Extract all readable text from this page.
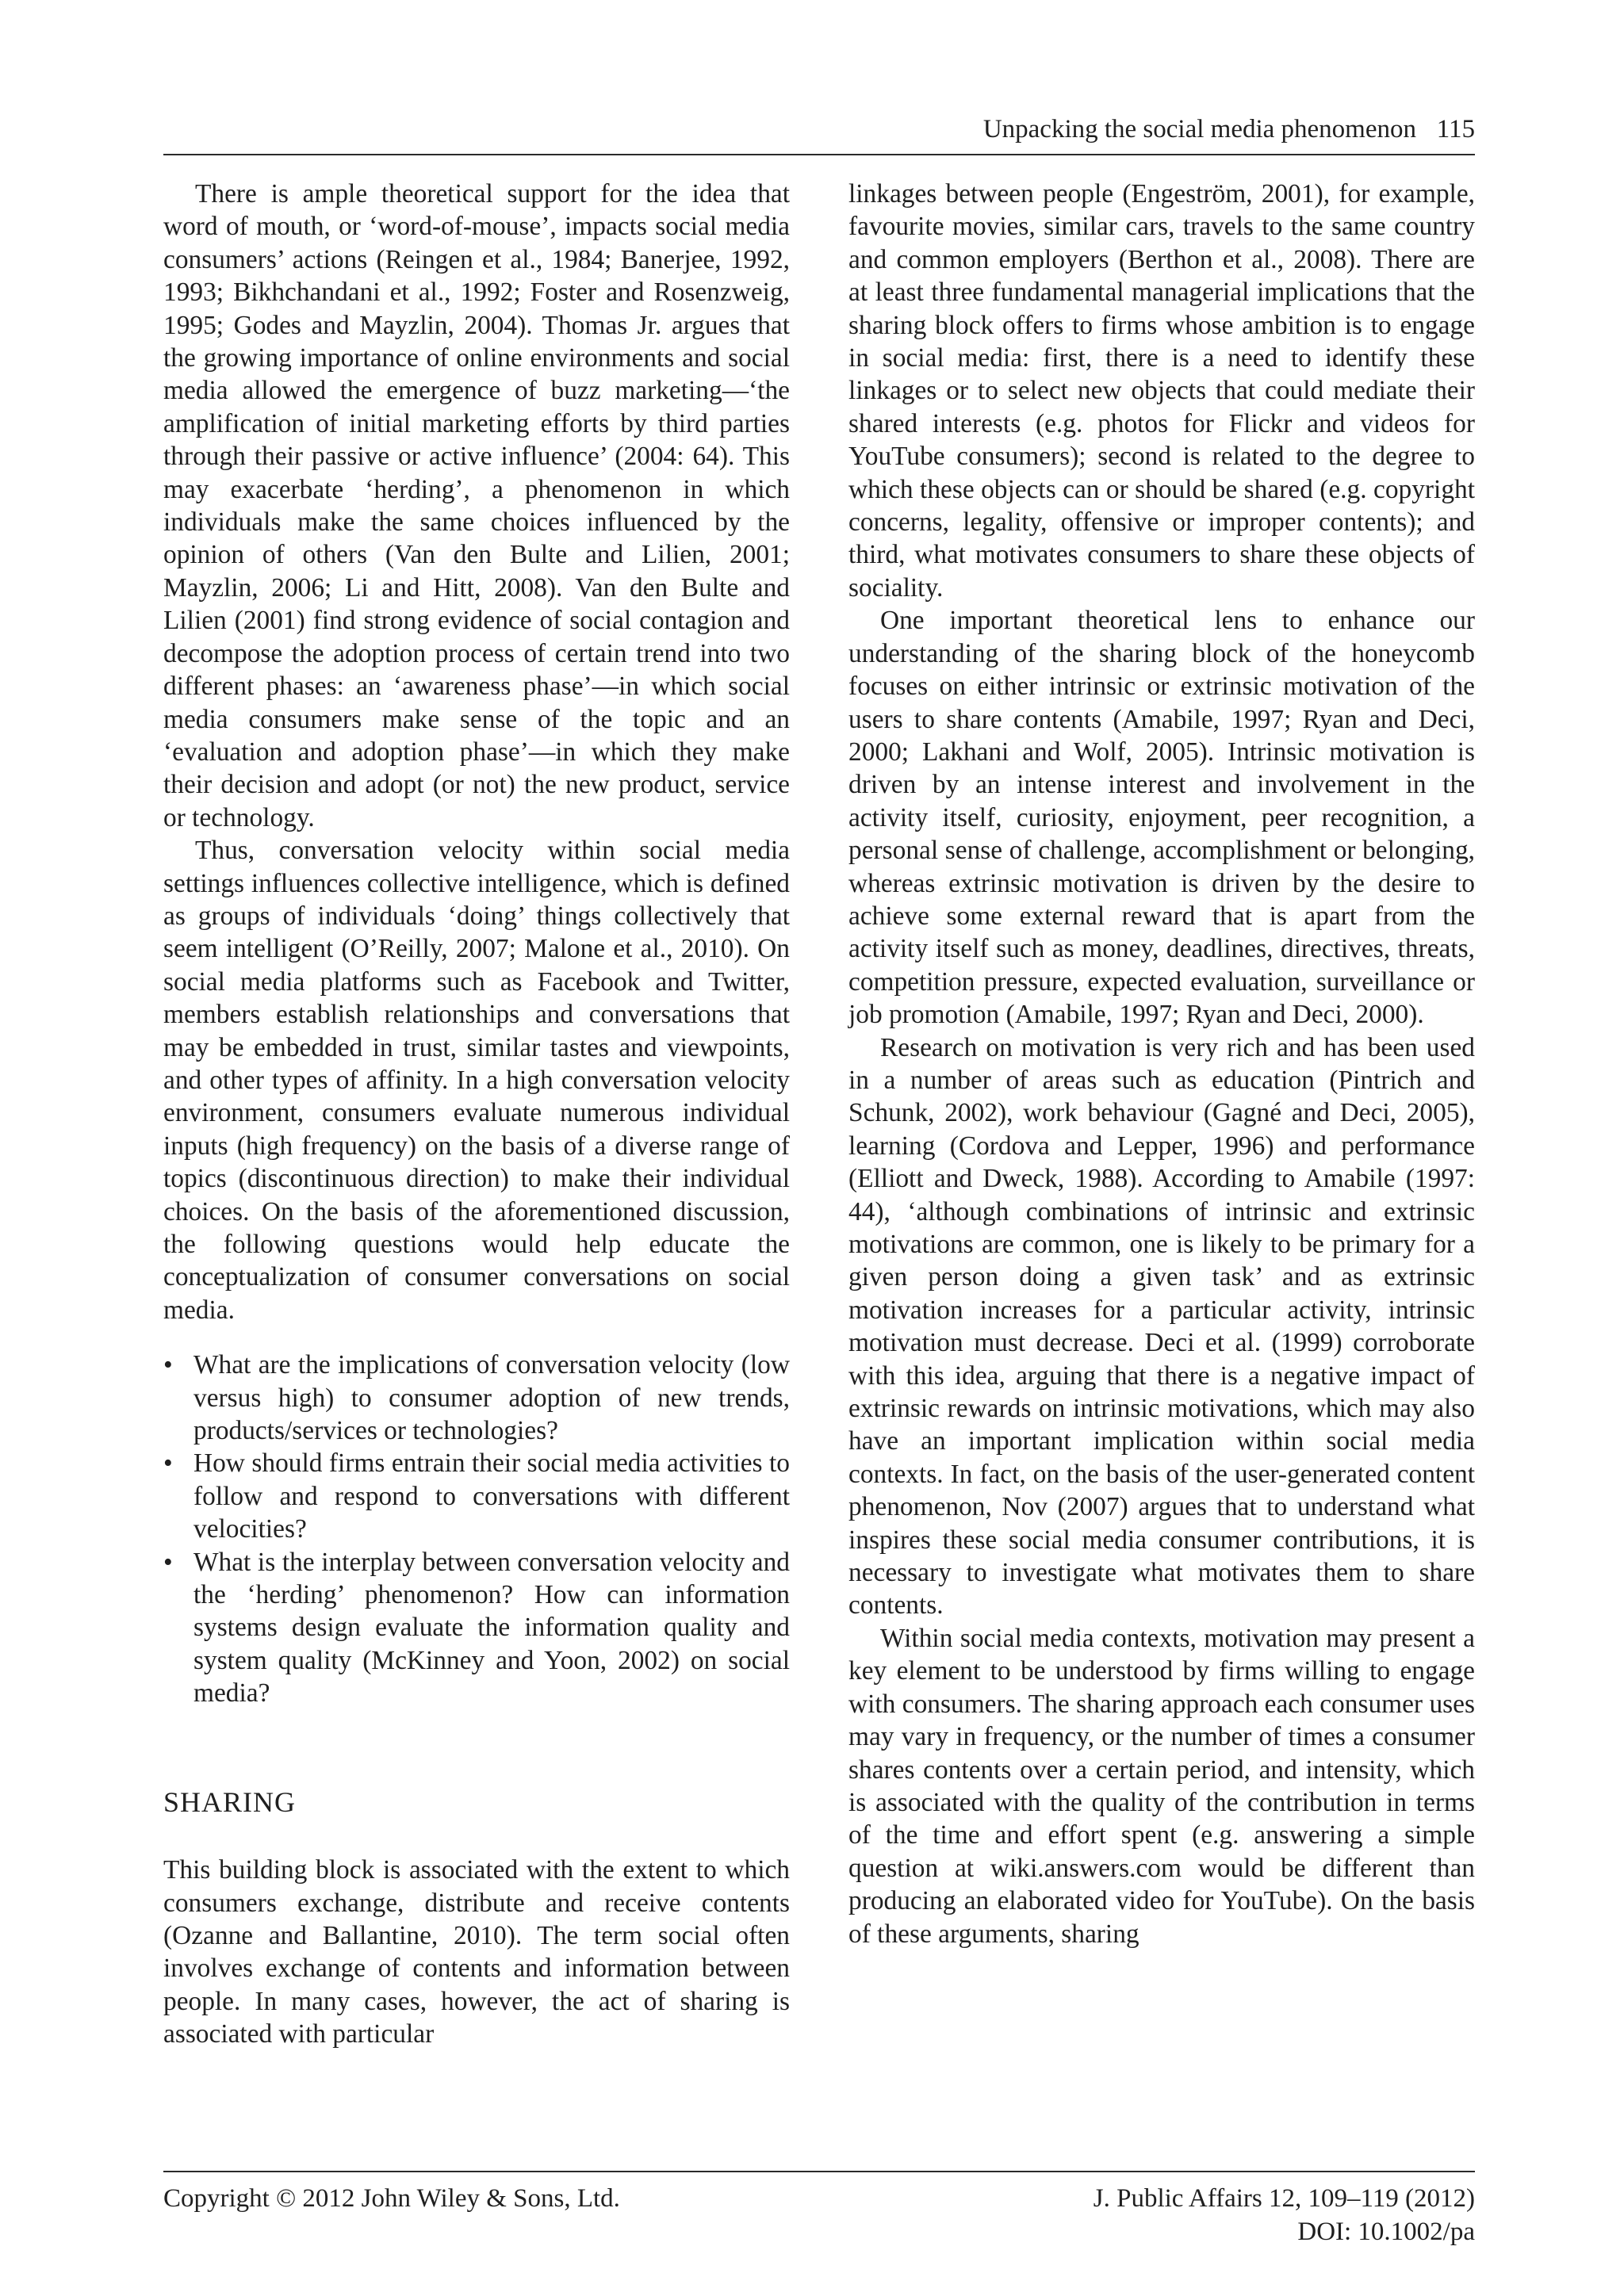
Unpacking the social media phenomenon 115

There is ample theoretical support for the idea that word of mouth, or ‘word-of-mouse’, impacts social media consumers’ actions (Reingen et al., 1984; Banerjee, 1992, 1993; Bikhchandani et al., 1992; Foster and Rosenzweig, 1995; Godes and Mayzlin, 2004). Thomas Jr. argues that the growing importance of online environments and social media allowed the emergence of buzz marketing—‘the amplification of initial marketing efforts by third parties through their passive or active influence’ (2004: 64). This may exacerbate ‘herding’, a phenomenon in which individuals make the same choices influenced by the opinion of others (Van den Bulte and Lilien, 2001; Mayzlin, 2006; Li and Hitt, 2008). Van den Bulte and Lilien (2001) find strong evidence of social contagion and decompose the adoption process of certain trend into two different phases: an ‘awareness phase’—in which social media consumers make sense of the topic and an ‘evaluation and adoption phase’—in which they make their decision and adopt (or not) the new product, service or technology.

Thus, conversation velocity within social media settings influences collective intelligence, which is defined as groups of individuals ‘doing’ things collectively that seem intelligent (O’Reilly, 2007; Malone et al., 2010). On social media platforms such as Facebook and Twitter, members establish relationships and conversations that may be embedded in trust, similar tastes and viewpoints, and other types of affinity. In a high conversation velocity environment, consumers evaluate numerous individual inputs (high frequency) on the basis of a diverse range of topics (discontinuous direction) to make their individual choices. On the basis of the aforementioned discussion, the following questions would help educate the conceptualization of consumer conversations on social media.

• What are the implications of conversation velocity (low versus high) to consumer adoption of new trends, products/services or technologies?
• How should firms entrain their social media activities to follow and respond to conversations with different velocities?
• What is the interplay between conversation velocity and the ‘herding’ phenomenon? How can information systems design evaluate the information quality and system quality (McKinney and Yoon, 2002) on social media?
SHARING

This building block is associated with the extent to which consumers exchange, distribute and receive contents (Ozanne and Ballantine, 2010). The term social often involves exchange of contents and information between people. In many cases, however, the act of sharing is associated with particular

linkages between people (Engeström, 2001), for example, favourite movies, similar cars, travels to the same country and common employers (Berthon et al., 2008). There are at least three fundamental managerial implications that the sharing block offers to firms whose ambition is to engage in social media: first, there is a need to identify these linkages or to select new objects that could mediate their shared interests (e.g. photos for Flickr and videos for YouTube consumers); second is related to the degree to which these objects can or should be shared (e.g. copyright concerns, legality, offensive or improper contents); and third, what motivates consumers to share these objects of sociality.

One important theoretical lens to enhance our understanding of the sharing block of the honeycomb focuses on either intrinsic or extrinsic motivation of the users to share contents (Amabile, 1997; Ryan and Deci, 2000; Lakhani and Wolf, 2005). Intrinsic motivation is driven by an intense interest and involvement in the activity itself, curiosity, enjoyment, peer recognition, a personal sense of challenge, accomplishment or belonging, whereas extrinsic motivation is driven by the desire to achieve some external reward that is apart from the activity itself such as money, deadlines, directives, threats, competition pressure, expected evaluation, surveillance or job promotion (Amabile, 1997; Ryan and Deci, 2000).

Research on motivation is very rich and has been used in a number of areas such as education (Pintrich and Schunk, 2002), work behaviour (Gagné and Deci, 2005), learning (Cordova and Lepper, 1996) and performance (Elliott and Dweck, 1988). According to Amabile (1997: 44), ‘although combinations of intrinsic and extrinsic motivations are common, one is likely to be primary for a given person doing a given task’ and as extrinsic motivation increases for a particular activity, intrinsic motivation must decrease. Deci et al. (1999) corroborate with this idea, arguing that there is a negative impact of extrinsic rewards on intrinsic motivations, which may also have an important implication within social media contexts. In fact, on the basis of the user-generated content phenomenon, Nov (2007) argues that to understand what inspires these social media consumer contributions, it is necessary to investigate what motivates them to share contents.

Within social media contexts, motivation may present a key element to be understood by firms willing to engage with consumers. The sharing approach each consumer uses may vary in frequency, or the number of times a consumer shares contents over a certain period, and intensity, which is associated with the quality of the contribution in terms of the time and effort spent (e.g. answering a simple question at wiki.answers.com would be different than producing an elaborated video for YouTube). On the basis of these arguments, sharing

Copyright © 2012 John Wiley & Sons, Ltd.	J. Public Affairs 12, 109–119 (2012)
DOI: 10.1002/pa
